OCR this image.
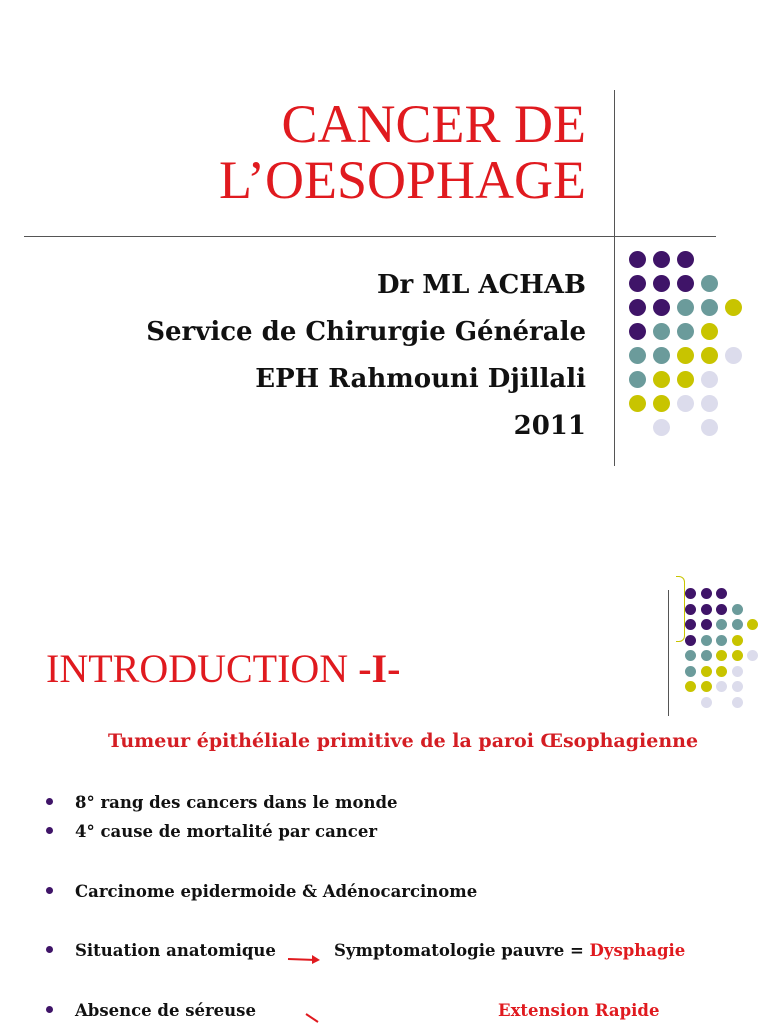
CANCER DE
L’OESOPHAGE
Dr ML ACHAB
Service de Chirurgie Générale
EPH Rahmouni Djillali
2011
INTRODUCTION -I-
Tumeur épithéliale primitive de la paroi Œsophagienne
8° rang des cancers dans le monde
4° cause de mortalité par cancer
Carcinome epidermoide & Adénocarcinome
Situation anatomique	Symptomatologie pauvre = Dysphagie
Absence de séreuse	Extension Rapide
